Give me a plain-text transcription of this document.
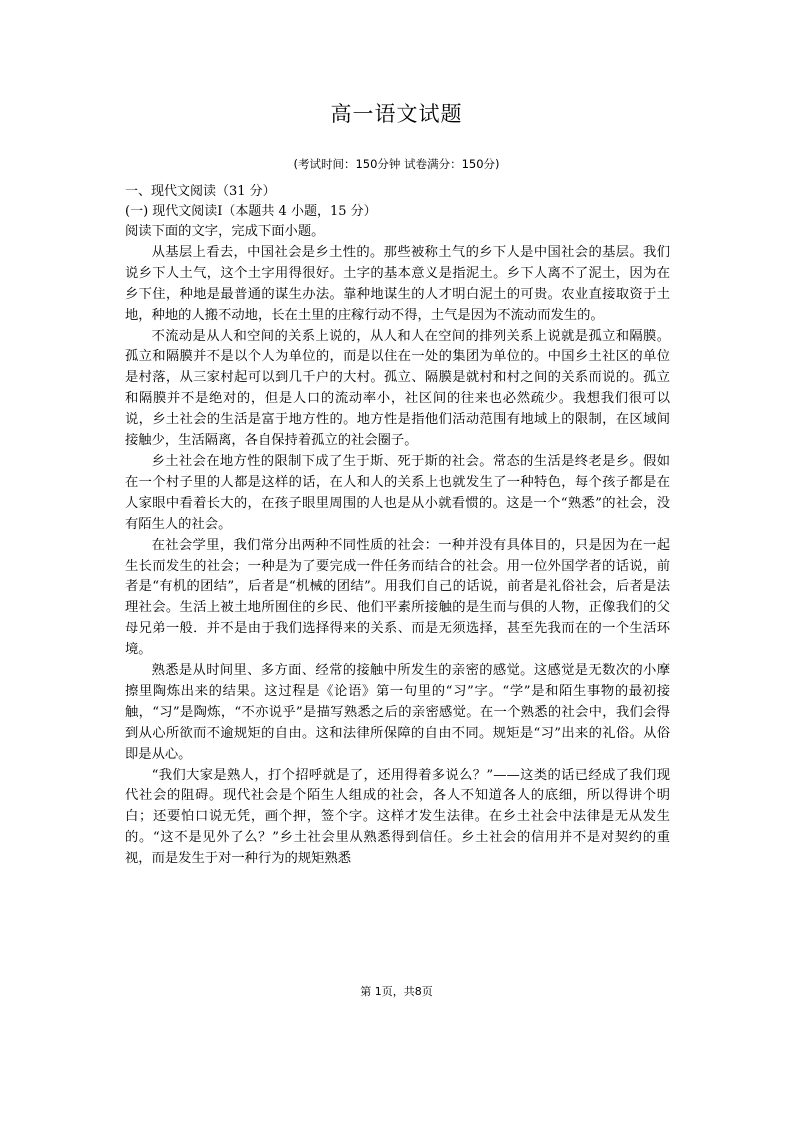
高一语文试题
(考试时间：150分钟 试卷满分：150分)
一、现代文阅读（31 分）
(一) 现代文阅读Ⅰ（本题共 4 小题，15 分）

阅读下面的文字，完成下面小题。

从基层上看去，中国社会是乡土性的。那些被称土气的乡下人是中国社会的基层。我们说乡下人土气，这个土字用得很好。土字的基本意义是指泥土。乡下人离不了泥土，因为在乡下住，种地是最普通的谋生办法。靠种地谋生的人才明白泥土的可贵。农业直接取资于土地，种地的人搬不动地，长在土里的庄稼行动不得，土气是因为不流动而发生的。

不流动是从人和空间的关系上说的，从人和人在空间的排列关系上说就是孤立和隔膜。孤立和隔膜并不是以个人为单位的，而是以住在一处的集团为单位的。中国乡土社区的单位是村落，从三家村起可以到几千户的大村。孤立、隔膜是就村和村之间的关系而说的。孤立和隔膜并不是绝对的，但是人口的流动率小，社区间的往来也必然疏少。我想我们很可以说，乡土社会的生活是富于地方性的。地方性是指他们活动范围有地域上的限制，在区域间接触少，生活隔离，各自保持着孤立的社会圈子。

乡土社会在地方性的限制下成了生于斯、死于斯的社会。常态的生活是终老是乡。假如在一个村子里的人都是这样的话，在人和人的关系上也就发生了一种特色，每个孩子都是在人家眼中看着长大的，在孩子眼里周围的人也是从小就看惯的。这是一个“熟悉”的社会，没有陌生人的社会。

在社会学里，我们常分出两种不同性质的社会：一种并没有具体目的，只是因为在一起生长而发生的社会；一种是为了要完成一件任务而结合的社会。用一位外国学者的话说，前者是“有机的团结”，后者是“机械的团结”。用我们自己的话说，前者是礼俗社会，后者是法理社会。生活上被土地所囿住的乡民、他们平素所接触的是生而与俱的人物，正像我们的父母兄弟一般．并不是由于我们选择得来的关系、而是无须选择，甚至先我而在的一个生活环境。

熟悉是从时间里、多方面、经常的接触中所发生的亲密的感觉。这感觉是无数次的小摩擦里陶炼出来的结果。这过程是《论语》第一句里的“习”字。“学”是和陌生事物的最初接触，“习”是陶炼，“不亦说乎”是描写熟悉之后的亲密感觉。在一个熟悉的社会中，我们会得到从心所欲而不逾规矩的自由。这和法律所保障的自由不同。规矩是“习”出来的礼俗。从俗即是从心。

“我们大家是熟人，打个招呼就是了，还用得着多说么？”——这类的话已经成了我们现代社会的阻碍。现代社会是个陌生人组成的社会，各人不知道各人的底细，所以得讲个明白；还要怕口说无凭，画个押，签个字。这样才发生法律。在乡土社会中法律是无从发生的。“这不是见外了么？”乡土社会里从熟悉得到信任。乡土社会的信用并不是对契约的重视，而是发生于对一种行为的规矩熟悉

第 1页，共8页
